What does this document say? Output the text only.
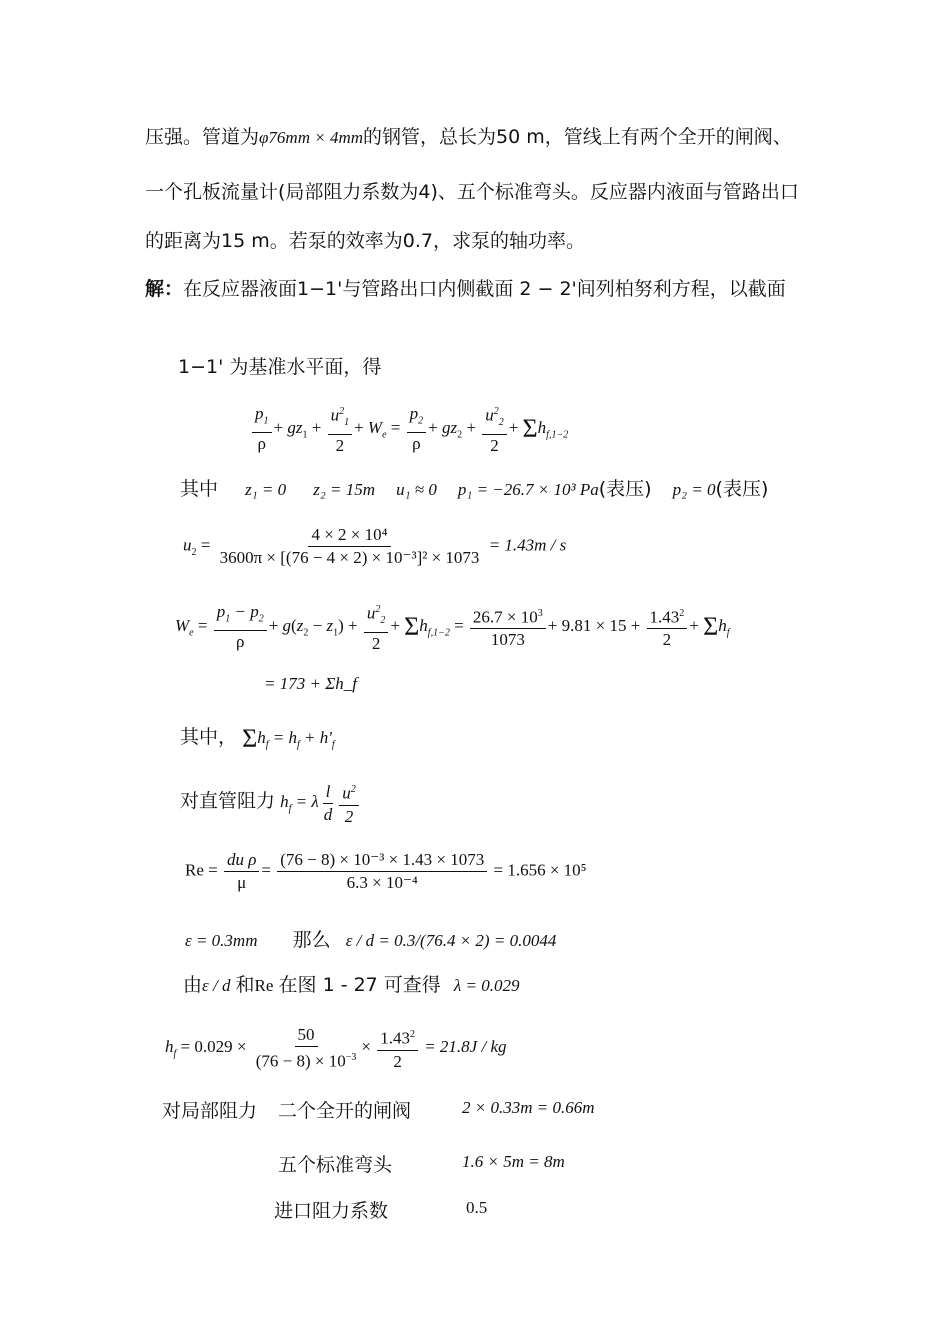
压强。管道为φ76mm × 4mm的钢管，总长为50 m，管线上有两个全开的闸阀、
一个孔板流量计(局部阻力系数为4)、五个标准弯头。反应器内液面与管路出口
的距离为15 m。若泵的效率为0.7，求泵的轴功率。
解：在反应器液面1−1'与管路出口内侧截面 2 − 2'间列柏努利方程，以截面
1−1' 为基准水平面，得
$\frac{p_1}{\rho} + gz_1 + \frac{u^2_1}{2} + W_e = \frac{p_2}{\rho} + gz_2 + \frac{u^2_2}{2} + \Sigma h_{f,1-2}$
其中 z₁ = 0 z₂ = 15m u₁ ≈ 0 p₁ = −26.7 × 10³ Pa(表压) p₂ = 0(表压)
$u_2 = \frac{\text{4 × 2 × 10⁴}}{\text{3600π × [(76 − 4 × 2) × 10⁻³]² × 1073}} = 1.43m / s$
$W_e = \frac{p_1 - p_2}{\rho} + g(z_2 - z_1) + \frac{u^2_2}{2} + \Sigma h_{f,1-2} = \frac{26.7 \times 10^3}{1073} + 9.81 \times 15 + \frac{1.43^2}{2} + \Sigma h_f$
= 173 + Σh_f
其中， $\Sigma h_f = h_f + h'_f$
对直管阻力 $h_f = \lambda \frac{l}{d} \frac{u^2}{2}$
$Re = \frac{\text{du ρ}}{\mu} = \frac{\text{(76 − 8) × 10⁻³ × 1.43 × 1073}}{\text{6.3 × 10⁻⁴}} = 1.656 \times 10^5$
ε = 0.3mm 那么 ε / d = 0.3/(76.4 × 2) = 0.0044
由ε / d 和Re 在图 1 - 27 可查得 λ = 0.029
$h_f = 0.029 \times \frac{50}{(76 - 8) \times 10^{-3}} \times \frac{1.43^2}{2} = 21.8J$ / kg
对局部阻力 二个全开的闸阀	2 × 0.33m = 0.66m
五个标准弯头	1.6 × 5m = 8m
进口阻力系数	0.5
